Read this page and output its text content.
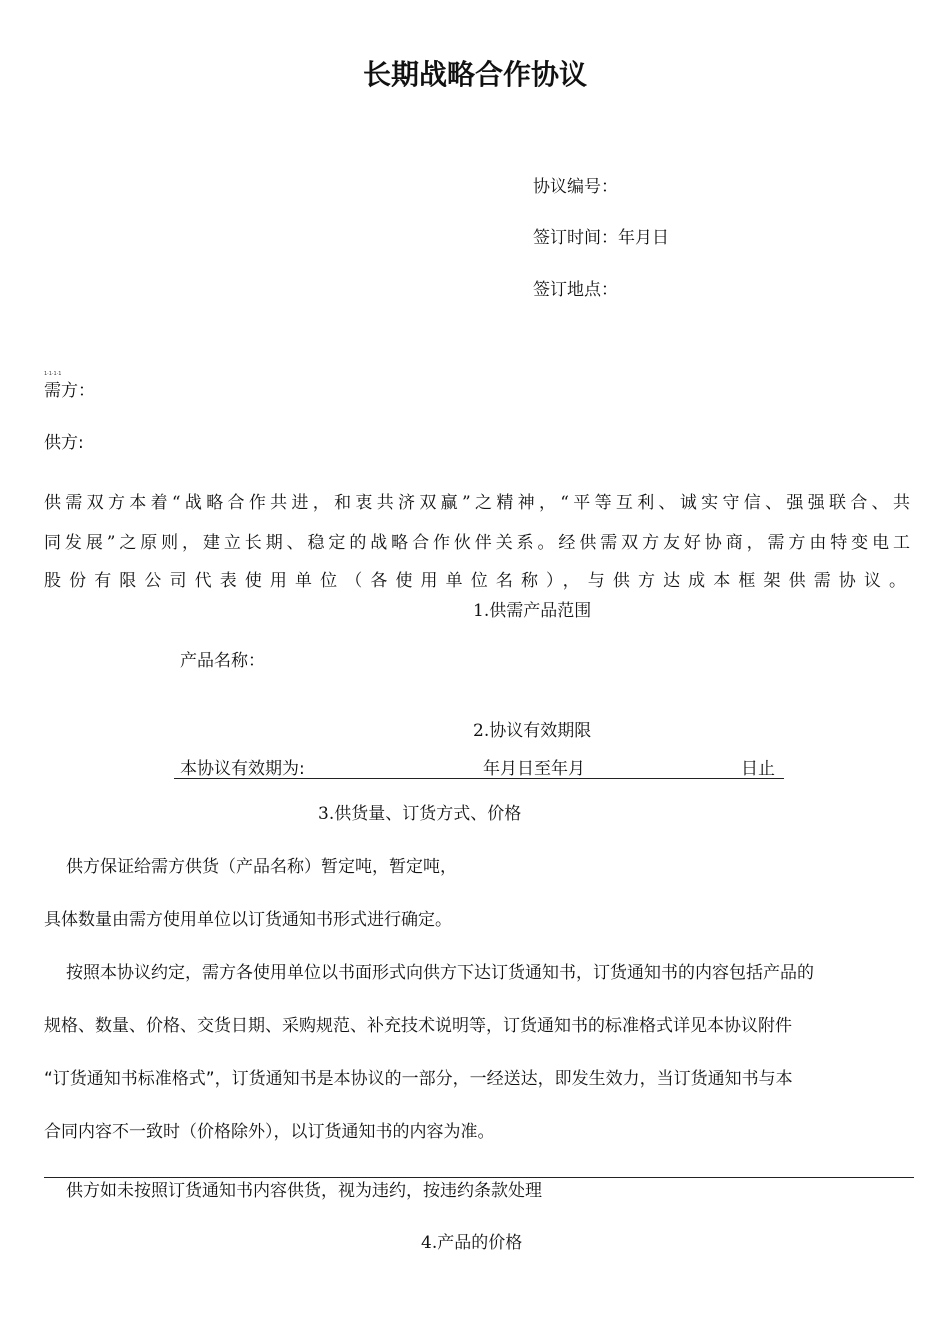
长期战略合作协议
协议编号：
签订时间：年月日
签订地点：
1·1·1·1
需方：
供方:
供需双方本着“战略合作共进，和衷共济双赢”之精神，“平等互利、诚实守信、强强联合、共
同发展”之原则，建立长期、稳定的战略合作伙伴关系。经供需双方友好协商，需方由特变电工
股份有限公司代表使用单位（各使用单位名称），与供方达成本框架供需协议。
1.供需产品范围
产品名称：
2.协议有效期限
本协议有效期为:	年月日至年月	日止
3.供货量、订货方式、价格
供方保证给需方供货（产品名称）暂定吨，暂定吨，
具体数量由需方使用单位以订货通知书形式进行确定。
按照本协议约定，需方各使用单位以书面形式向供方下达订货通知书，订货通知书的内容包括产品的
规格、数量、价格、交货日期、采购规范、补充技术说明等，订货通知书的标准格式详见本协议附件
“订货通知书标准格式”，订货通知书是本协议的一部分，一经送达，即发生效力，当订货通知书与本
合同内容不一致时（价格除外），以订货通知书的内容为准。
供方如未按照订货通知书内容供货，视为违约，按违约条款处理
4.产品的价格
